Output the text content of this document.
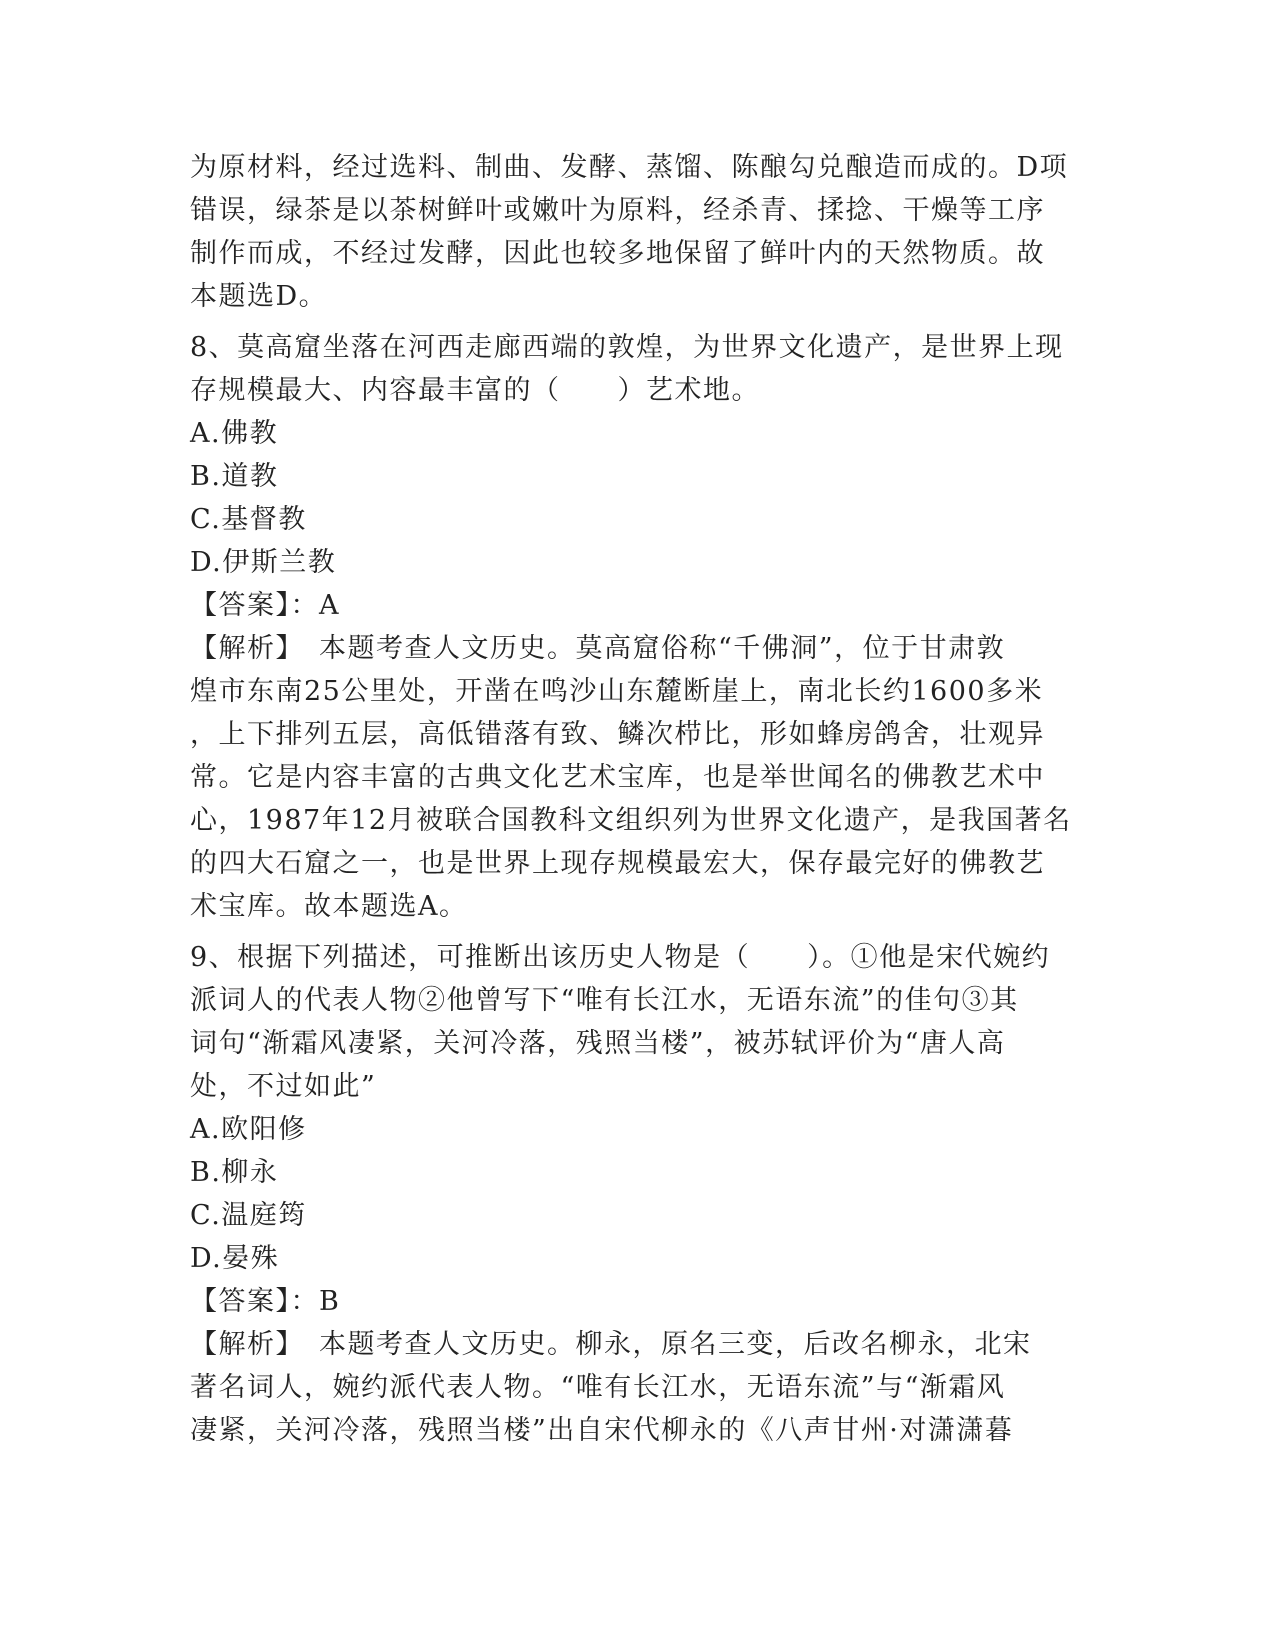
为原材料，经过选料、制曲、发酵、蒸馏、陈酿勾兑酿造而成的。D项
错误，绿茶是以茶树鲜叶或嫩叶为原料，经杀青、揉捻、干燥等工序
制作而成，不经过发酵，因此也较多地保留了鲜叶内的天然物质。故
本题选D。
8、莫高窟坐落在河西走廊西端的敦煌，为世界文化遗产，是世界上现
存规模最大、内容最丰富的（　　）艺术地。
A.佛教
B.道教
C.基督教
D.伊斯兰教
【答案】：A
【解析】　本题考查人文历史。莫高窟俗称“千佛洞”，位于甘肃敦
煌市东南25公里处，开凿在鸣沙山东麓断崖上，南北长约1600多米
，上下排列五层，高低错落有致、鳞次栉比，形如蜂房鸽舍，壮观异
常。它是内容丰富的古典文化艺术宝库，也是举世闻名的佛教艺术中
心，1987年12月被联合国教科文组织列为世界文化遗产，是我国著名
的四大石窟之一，也是世界上现存规模最宏大，保存最完好的佛教艺
术宝库。故本题选A。
9、根据下列描述，可推断出该历史人物是（　　）。①他是宋代婉约
派词人的代表人物②他曾写下“唯有长江水，无语东流”的佳句③其
词句“渐霜风凄紧，关河冷落，残照当楼”，被苏轼评价为“唐人高
处，不过如此”
A.欧阳修
B.柳永
C.温庭筠
D.晏殊
【答案】：B
【解析】　本题考查人文历史。柳永，原名三变，后改名柳永，北宋
著名词人，婉约派代表人物。“唯有长江水，无语东流”与“渐霜风
凄紧，关河冷落，残照当楼”出自宋代柳永的《八声甘州·对潇潇暮
